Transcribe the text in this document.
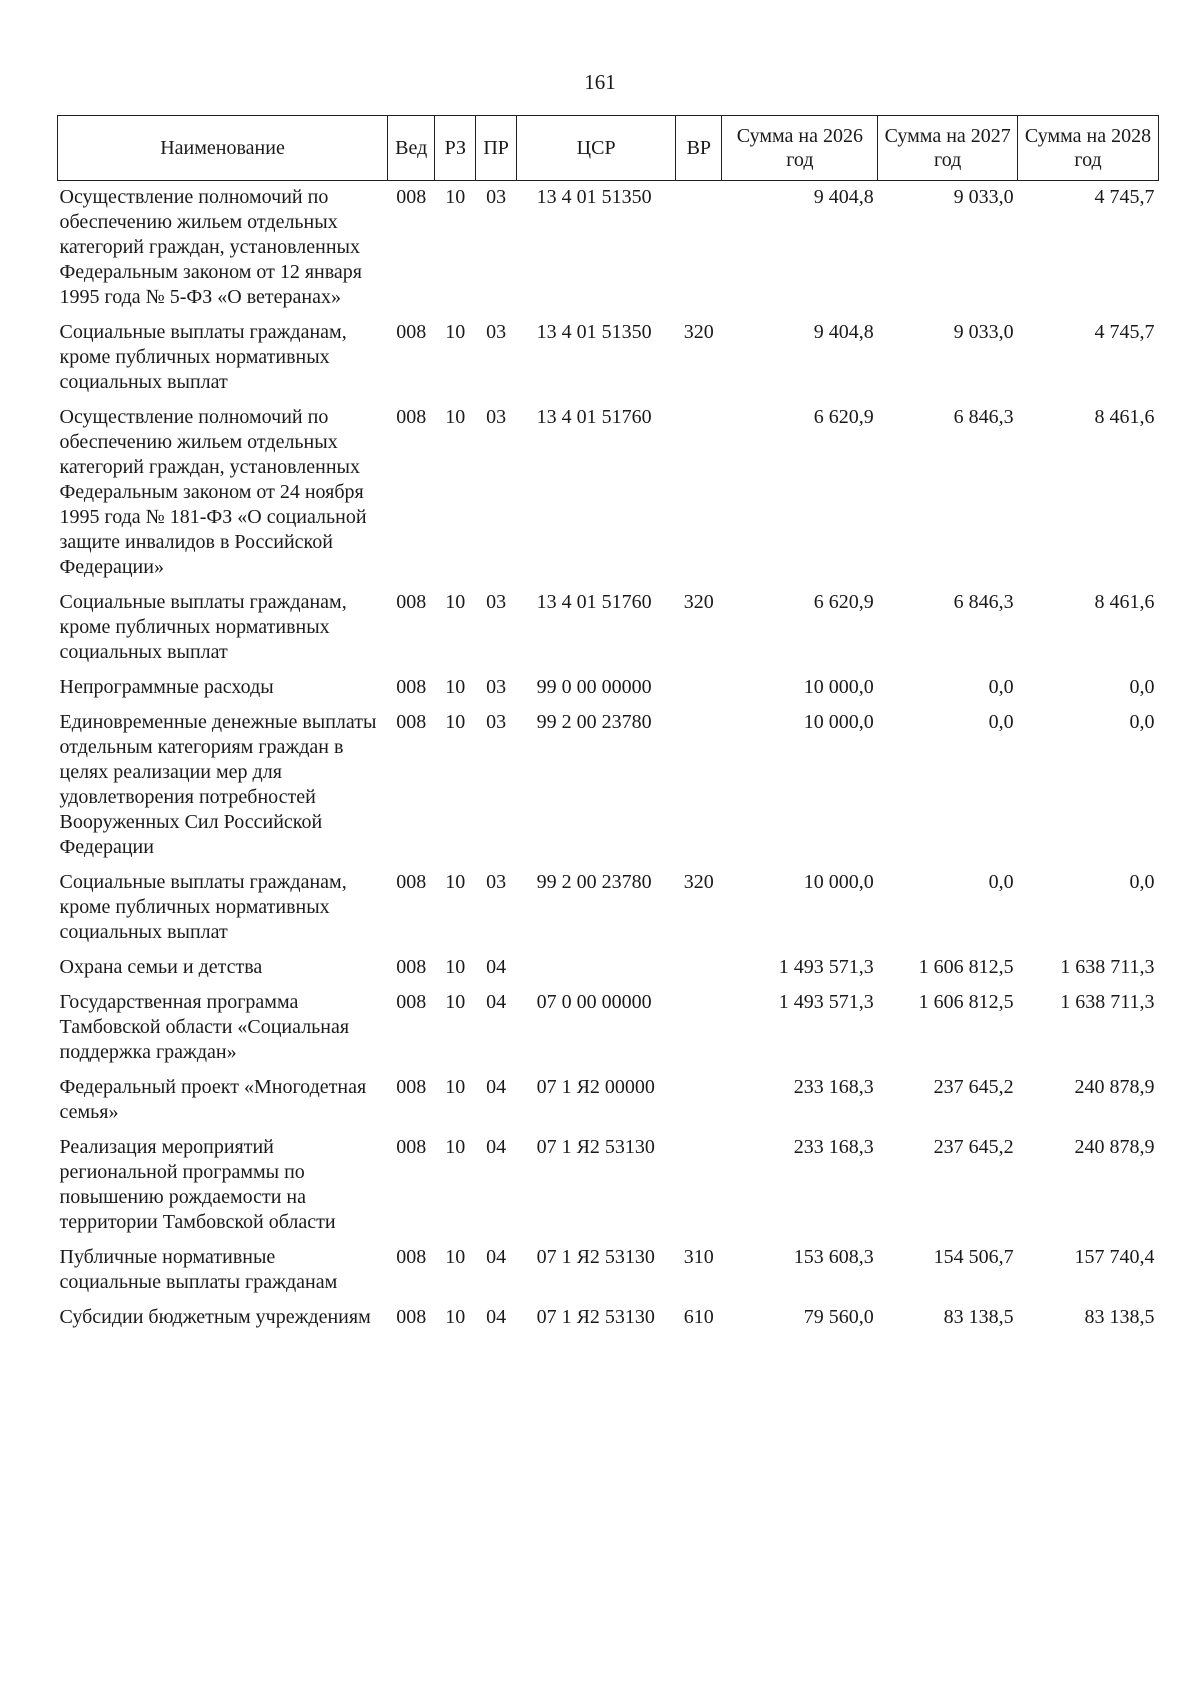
161
Наименование	Вед	РЗ	ПР	ЦСР	ВР	Сумма на 2026 год	Сумма на 2027 год	Сумма на 2028 год
Осуществление полномочий по обеспечению жильем отдельных категорий граждан, установленных Федеральным законом от 12 января 1995 года № 5-ФЗ «О ветеранах»	008	10	03	13 4 01 51350		9 404,8	9 033,0	4 745,7
Социальные выплаты гражданам, кроме публичных нормативных социальных выплат	008	10	03	13 4 01 51350	320	9 404,8	9 033,0	4 745,7
Осуществление полномочий по обеспечению жильем отдельных категорий граждан, установленных Федеральным законом от 24 ноября 1995 года № 181-ФЗ «О социальной защите инвалидов в Российской Федерации»	008	10	03	13 4 01 51760		6 620,9	6 846,3	8 461,6
Социальные выплаты гражданам, кроме публичных нормативных социальных выплат	008	10	03	13 4 01 51760	320	6 620,9	6 846,3	8 461,6
Непрограммные расходы	008	10	03	99 0 00 00000		10 000,0	0,0	0,0
Единовременные денежные выплаты отдельным категориям граждан в целях реализации мер для удовлетворения потребностей Вооруженных Сил Российской Федерации	008	10	03	99 2 00 23780		10 000,0	0,0	0,0
Социальные выплаты гражданам, кроме публичных нормативных социальных выплат	008	10	03	99 2 00 23780	320	10 000,0	0,0	0,0
Охрана семьи и детства	008	10	04			1 493 571,3	1 606 812,5	1 638 711,3
Государственная программа Тамбовской области «Социальная поддержка граждан»	008	10	04	07 0 00 00000		1 493 571,3	1 606 812,5	1 638 711,3
Федеральный проект «Многодетная семья»	008	10	04	07 1 Я2 00000		233 168,3	237 645,2	240 878,9
Реализация мероприятий региональной программы по повышению рождаемости на территории Тамбовской области	008	10	04	07 1 Я2 53130		233 168,3	237 645,2	240 878,9
Публичные нормативные социальные выплаты гражданам	008	10	04	07 1 Я2 53130	310	153 608,3	154 506,7	157 740,4
Субсидии бюджетным учреждениям	008	10	04	07 1 Я2 53130	610	79 560,0	83 138,5	83 138,5
